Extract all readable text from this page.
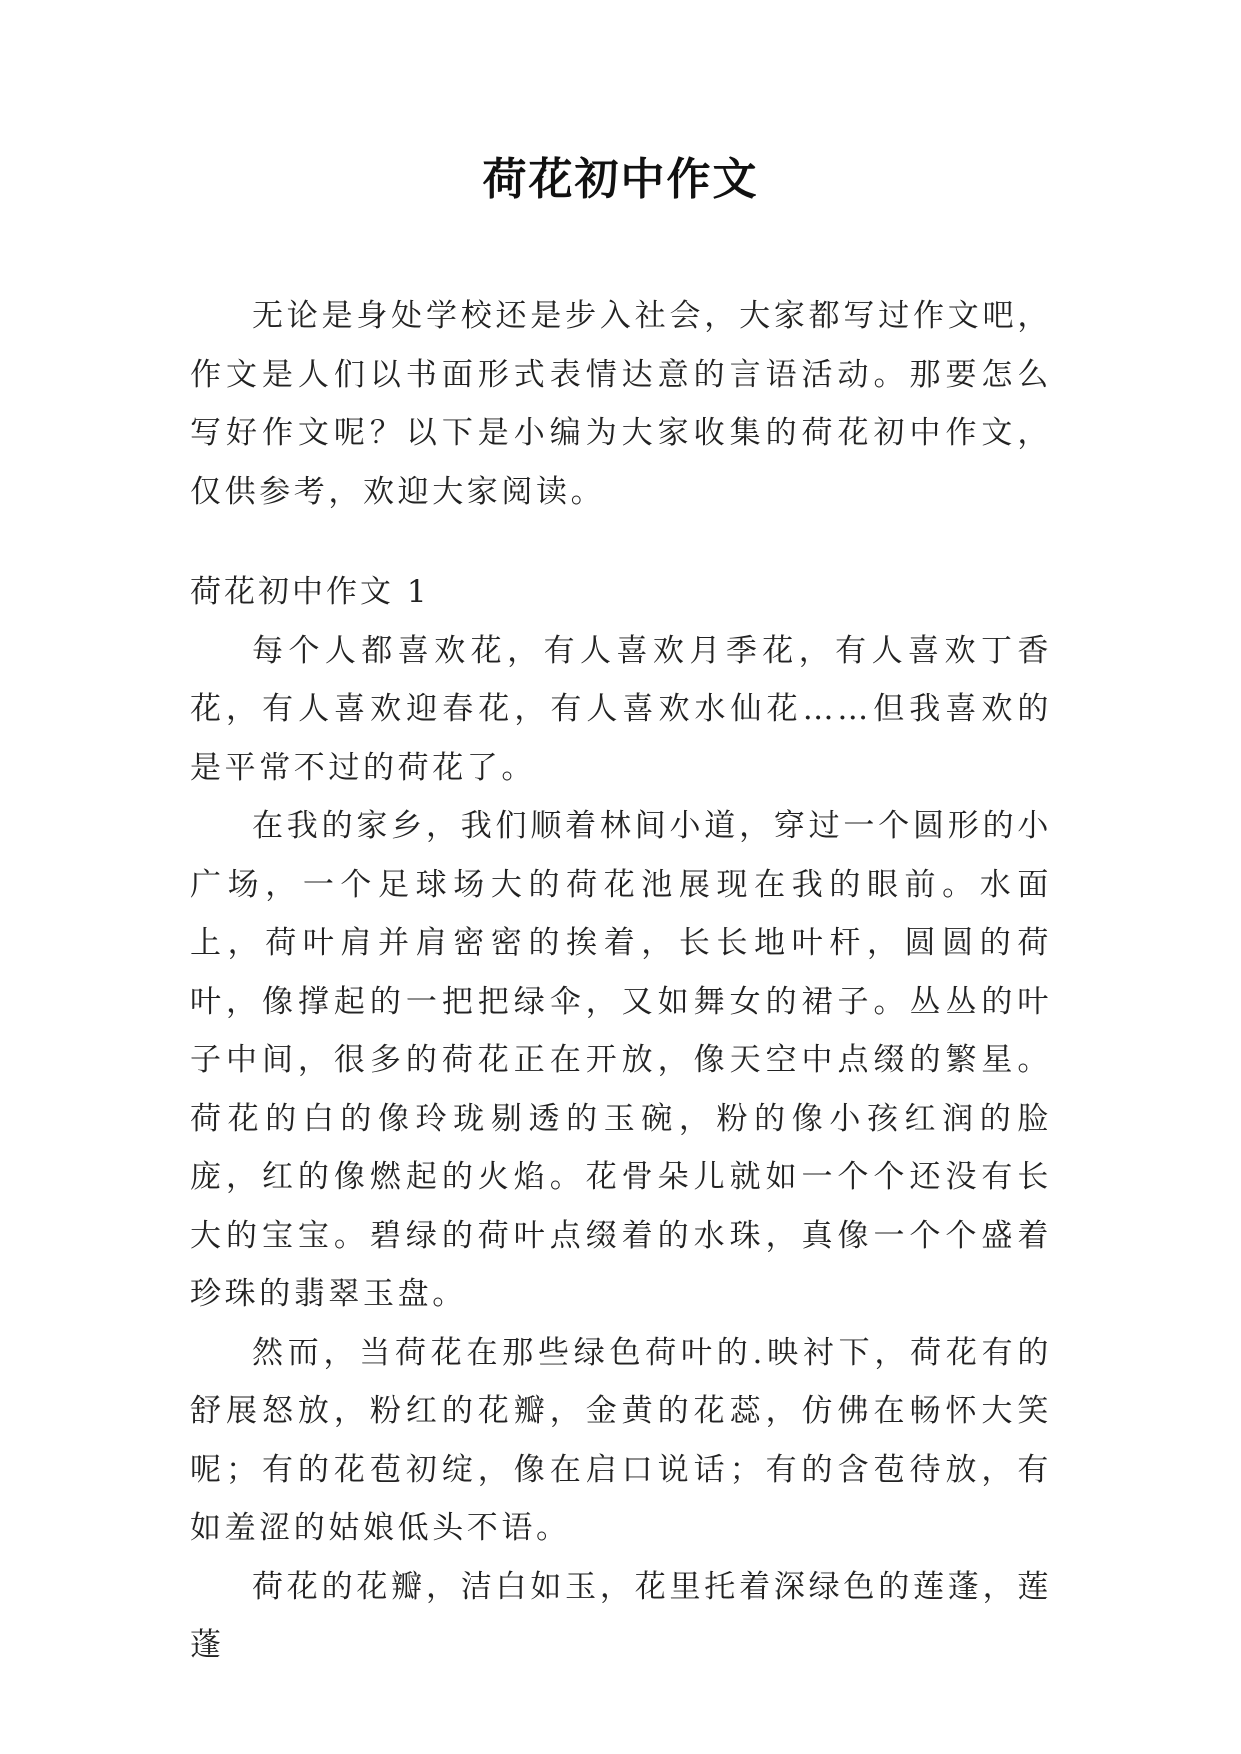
荷花初中作文

无论是身处学校还是步入社会，大家都写过作文吧，作文是人们以书面形式表情达意的言语活动。那要怎么写好作文呢？以下是小编为大家收集的荷花初中作文，仅供参考，欢迎大家阅读。

荷花初中作文 1

每个人都喜欢花，有人喜欢月季花，有人喜欢丁香花，有人喜欢迎春花，有人喜欢水仙花……但我喜欢的是平常不过的荷花了。

在我的家乡，我们顺着林间小道，穿过一个圆形的小广场，一个足球场大的荷花池展现在我的眼前。水面上，荷叶肩并肩密密的挨着，长长地叶杆，圆圆的荷叶，像撑起的一把把绿伞，又如舞女的裙子。丛丛的叶子中间，很多的荷花正在开放，像天空中点缀的繁星。荷花的白的像玲珑剔透的玉碗，粉的像小孩红润的脸庞，红的像燃起的火焰。花骨朵儿就如一个个还没有长大的宝宝。碧绿的荷叶点缀着的水珠，真像一个个盛着珍珠的翡翠玉盘。

然而，当荷花在那些绿色荷叶的.映衬下，荷花有的舒展怒放，粉红的花瓣，金黄的花蕊，仿佛在畅怀大笑呢；有的花苞初绽，像在启口说话；有的含苞待放，有如羞涩的姑娘低头不语。

荷花的花瓣，洁白如玉，花里托着深绿色的莲蓬，莲蓬
